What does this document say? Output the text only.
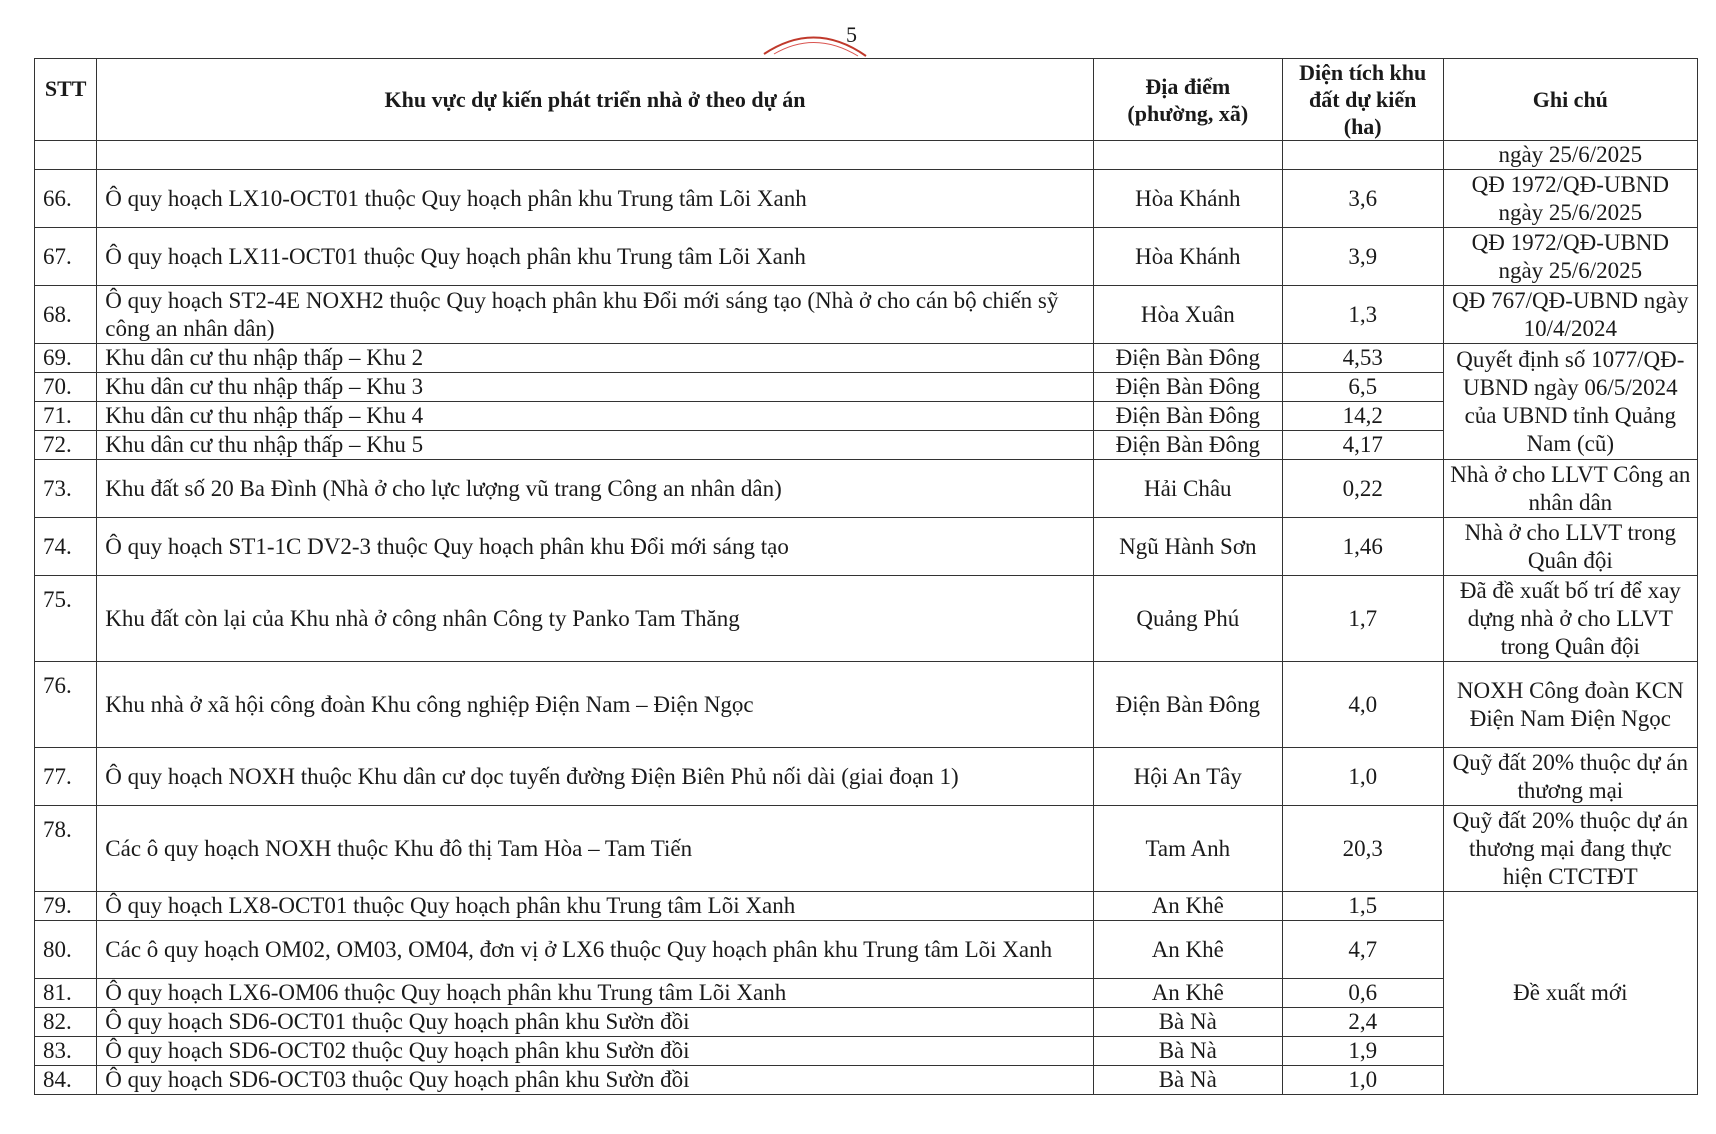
5
STT	Khu vực dự kiến phát triển nhà ở theo dự án	Địa điểm (phường, xã)	Diện tích khu đất dự kiến (ha)	Ghi chú
				ngày 25/6/2025
66.	Ô quy hoạch LX10-OCT01 thuộc Quy hoạch phân khu Trung tâm Lõi Xanh	Hòa Khánh	3,6	QĐ 1972/QĐ-UBND ngày 25/6/2025
67.	Ô quy hoạch LX11-OCT01 thuộc Quy hoạch phân khu Trung tâm Lõi Xanh	Hòa Khánh	3,9	QĐ 1972/QĐ-UBND ngày 25/6/2025
68.	Ô quy hoạch ST2-4E NOXH2 thuộc Quy hoạch phân khu Đổi mới sáng tạo (Nhà ở cho cán bộ chiến sỹ công an nhân dân)	Hòa Xuân	1,3	QĐ 767/QĐ-UBND ngày 10/4/2024
69.	Khu dân cư thu nhập thấp – Khu 2	Điện Bàn Đông	4,53	Quyết định số 1077/QĐ-UBND ngày 06/5/2024 của UBND tỉnh Quảng Nam (cũ)
70.	Khu dân cư thu nhập thấp – Khu 3	Điện Bàn Đông	6,5	
71.	Khu dân cư thu nhập thấp – Khu 4	Điện Bàn Đông	14,2	
72.	Khu dân cư thu nhập thấp – Khu 5	Điện Bàn Đông	4,17	
73.	Khu đất số 20 Ba Đình (Nhà ở cho lực lượng vũ trang Công an nhân dân)	Hải Châu	0,22	Nhà ở cho LLVT Công an nhân dân
74.	Ô quy hoạch ST1-1C DV2-3 thuộc Quy hoạch phân khu Đổi mới sáng tạo	Ngũ Hành Sơn	1,46	Nhà ở cho LLVT trong Quân đội
75.	Khu đất còn lại của Khu nhà ở công nhân Công ty Panko Tam Thăng	Quảng Phú	1,7	Đã đề xuất bố trí để xay dựng nhà ở cho LLVT trong Quân đội
76.	Khu nhà ở xã hội công đoàn Khu công nghiệp Điện Nam – Điện Ngọc	Điện Bàn Đông	4,0	NOXH Công đoàn KCN Điện Nam Điện Ngọc
77.	Ô quy hoạch NOXH thuộc Khu dân cư dọc tuyến đường Điện Biên Phủ nối dài (giai đoạn 1)	Hội An Tây	1,0	Quỹ đất 20% thuộc dự án thương mại
78.	Các ô quy hoạch NOXH thuộc Khu đô thị Tam Hòa – Tam Tiến	Tam Anh	20,3	Quỹ đất 20% thuộc dự án thương mại đang thực hiện CTCTĐT
79.	Ô quy hoạch LX8-OCT01 thuộc Quy hoạch phân khu Trung tâm Lõi Xanh	An Khê	1,5	Đề xuất mới
80.	Các ô quy hoạch OM02, OM03, OM04, đơn vị ở LX6 thuộc Quy hoạch phân khu Trung tâm Lõi Xanh	An Khê	4,7	
81.	Ô quy hoạch LX6-OM06 thuộc Quy hoạch phân khu Trung tâm Lõi Xanh	An Khê	0,6	
82.	Ô quy hoạch SD6-OCT01 thuộc Quy hoạch phân khu Sườn đồi	Bà Nà	2,4	
83.	Ô quy hoạch SD6-OCT02 thuộc Quy hoạch phân khu Sườn đồi	Bà Nà	1,9	
84.	Ô quy hoạch SD6-OCT03 thuộc Quy hoạch phân khu Sườn đồi	Bà Nà	1,0	
